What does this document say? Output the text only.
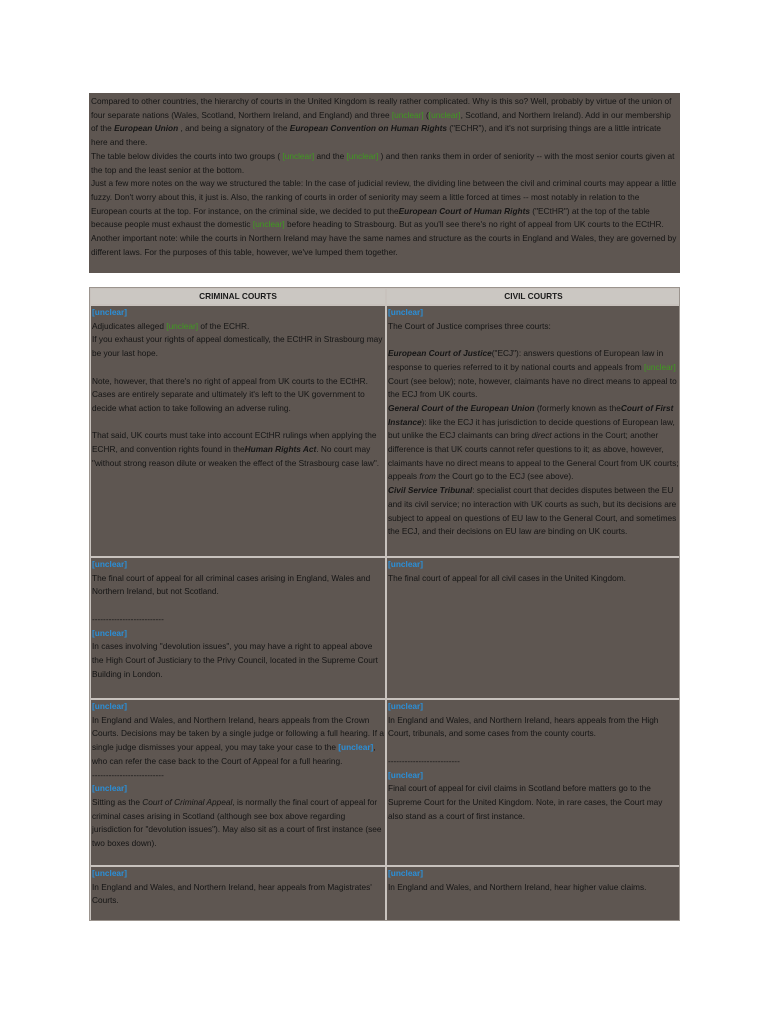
Compared to other countries, the hierarchy of courts in the United Kingdom is really rather complicated. Why is this so? Well, probably by virtue of the union of four separate nations (Wales, Scotland, Northern Ireland, and England) and three [unclear] ([unclear], Scotland, and Northern Ireland). Add in our membership of the European Union , and being a signatory of the European Convention on Human Rights ("ECHR"), and it's not surprising things are a little intricate here and there.

The table below divides the courts into two groups ( [unclear] and the [unclear] ) and then ranks them in order of seniority -- with the most senior courts given at the top and the least senior at the bottom.

Just a few more notes on the way we structured the table: In the case of judicial review, the dividing line between the civil and criminal courts may appear a little fuzzy. Don't worry about this, it just is. Also, the ranking of courts in order of seniority may seem a little forced at times -- most notably in relation to the European courts at the top. For instance, on the criminal side, we decided to put theEuropean Court of Human Rights ("ECtHR") at the top of the table because people must exhaust the domestic [unclear] before heading to Strasbourg. But as you'll see there's no right of appeal from UK courts to the ECtHR.

Another important note: while the courts in Northern Ireland may have the same names and structure as the courts in England and Wales, they are governed by different laws. For the purposes of this table, however, we've lumped them together.

CRIMINAL COURTS	CIVIL COURTS

[unclear]

Adjudicates alleged [unclear] of the ECHR.

If you exhaust your rights of appeal domestically, the ECtHR in Strasbourg may be your last hope.

Note, however, that there's no right of appeal from UK courts to the ECtHR. Cases are entirely separate and ultimately it's left to the UK government to decide what action to take following an adverse ruling.

That said, UK courts must take into account ECtHR rulings when applying the ECHR, and convention rights found in theHuman Rights Act. No court may "without strong reason dilute or weaken the effect of the Strasbourg case law".

[unclear]

The Court of Justice comprises three courts:

European Court of Justice("ECJ"): answers questions of European law in response to queries referred to it by national courts and appeals from [unclear] Court (see below); note, however, claimants have no direct means to appeal to the ECJ from UK courts.

General Court of the European Union (formerly known as theCourt of First Instance): like the ECJ it has jurisdiction to decide questions of European law, but unlike the ECJ claimants can bring direct actions in the Court; another difference is that UK courts cannot refer questions to it; as above, however, claimants have no direct means to appeal to the General Court from UK courts; appeals from the Court go to the ECJ (see above).

Civil Service Tribunal: specialist court that decides disputes between the EU and its civil service; no interaction with UK courts as such, but its decisions are subject to appeal on questions of EU law to the General Court, and sometimes the ECJ, and their decisions on EU law are binding on UK courts.

[unclear]

The final court of appeal for all criminal cases arising in England, Wales and Northern Ireland, but not Scotland.

--------------------------

[unclear]

In cases involving "devolution issues", you may have a right to appeal above the High Court of Justiciary to the Privy Council, located in the Supreme Court Building in London.

[unclear]

The final court of appeal for all civil cases in the United Kingdom.

[unclear]

In England and Wales, and Northern Ireland, hears appeals from the Crown Courts. Decisions may be taken by a single judge or following a full hearing. If a single judge dismisses your appeal, you may take your case to the [unclear], who can refer the case back to the Court of Appeal for a full hearing.

--------------------------

[unclear]

Sitting as the Court of Criminal Appeal, is normally the final court of appeal for criminal cases arising in Scotland (although see box above regarding jurisdiction for "devolution issues"). May also sit as a court of first instance (see two boxes down).

[unclear]

In England and Wales, and Northern Ireland, hears appeals from the High Court, tribunals, and some cases from the county courts.

--------------------------

[unclear]

Final court of appeal for civil claims in Scotland before matters go to the Supreme Court for the United Kingdom. Note, in rare cases, the Court may also stand as a court of first instance.

[unclear]

In England and Wales, and Northern Ireland, hear appeals from Magistrates' Courts.

[unclear]

In England and Wales, and Northern Ireland, hear higher value claims.
